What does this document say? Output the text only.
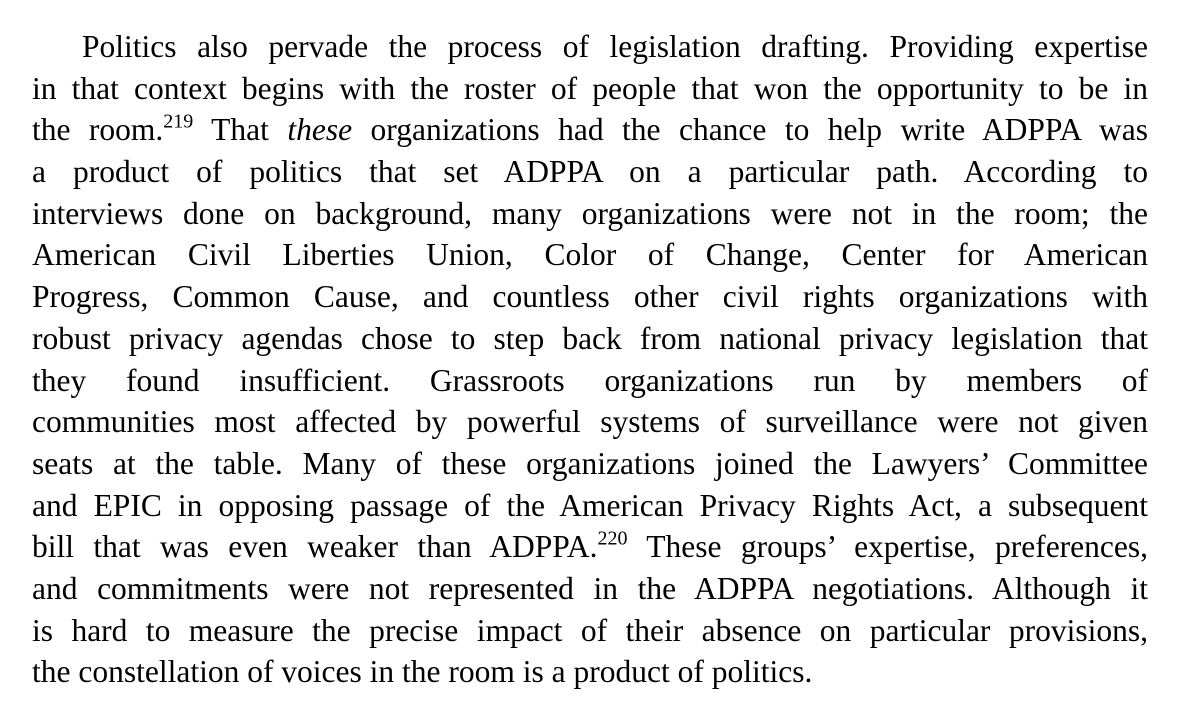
Politics also pervade the process of legislation drafting. Providing expertise
in that context begins with the roster of people that won the opportunity to be in
the room.$^{219}$ That these organizations had the chance to help write ADPPA was
a product of politics that set ADPPA on a particular path. According to
interviews done on background, many organizations were not in the room; the
American Civil Liberties Union, Color of Change, Center for American
Progress, Common Cause, and countless other civil rights organizations with
robust privacy agendas chose to step back from national privacy legislation that
they found insufficient. Grassroots organizations run by members of
communities most affected by powerful systems of surveillance were not given
seats at the table. Many of these organizations joined the Lawyers’ Committee
and EPIC in opposing passage of the American Privacy Rights Act, a subsequent
bill that was even weaker than ADPPA.$^{220}$ These groups’ expertise, preferences,
and commitments were not represented in the ADPPA negotiations. Although it
is hard to measure the precise impact of their absence on particular provisions,
the constellation of voices in the room is a product of politics.
